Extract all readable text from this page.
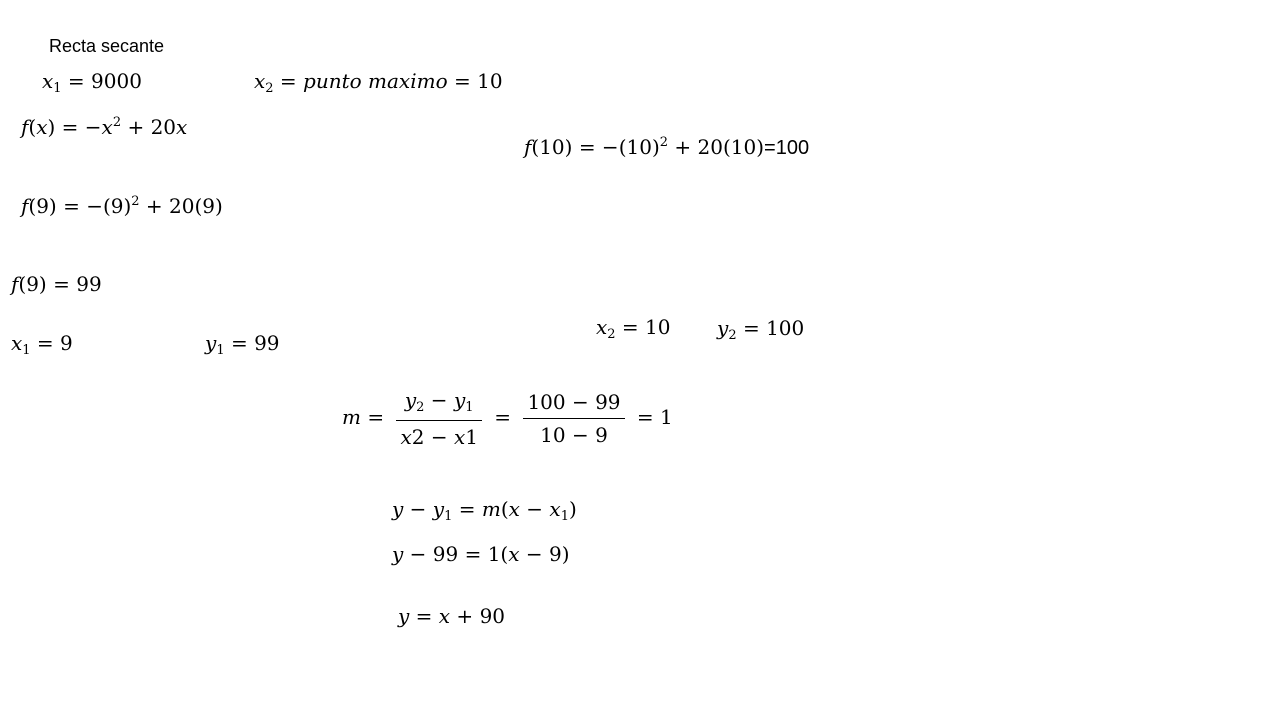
Recta secante
$x_1 = 9000$	$x_2$ = punto maximo = 10
$f(x) = -x^2 + 20x$
$f(10) = -(10)^2 + 20(10)=100$
$f(9) = -(9)^2 + 20(9)$
f(9) = 99
$x_2 = 10$ $y_2 = 100$
$x_1 = 9$	$y_1 = 99$
$m = \frac{y_2 - y_1}{x2 - x1} = \frac{100 - 99}{10 - 9} = 1$
$y - y_1 = m(x - x_1)$
y − 99 = 1(x − 9)
y = x + 90
